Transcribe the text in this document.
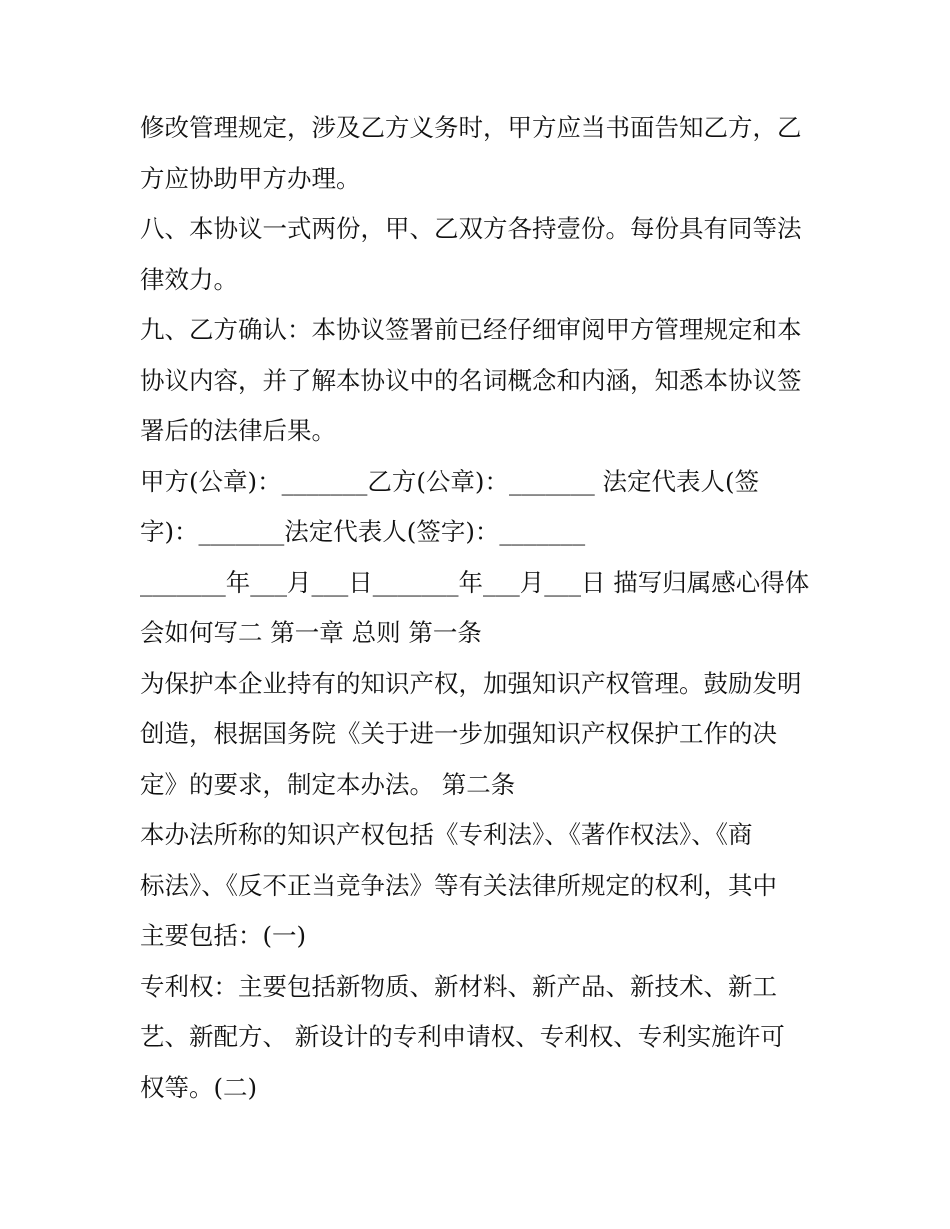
修改管理规定，涉及乙方义务时，甲方应当书面告知乙方，乙
方应协助甲方办理。
八、本协议一式两份，甲、乙双方各持壹份。每份具有同等法
律效力。
九、乙方确认：本协议签署前已经仔细审阅甲方管理规定和本
协议内容，并了解本协议中的名词概念和内涵，知悉本协议签
署后的法律后果。
甲方(公章)：_______乙方(公章)：_______ 法定代表人(签
字)：_______法定代表人(签字)：_______
_______年___月___日_______年___月___日 描写归属感心得体
会如何写二 第一章 总则 第一条
为保护本企业持有的知识产权，加强知识产权管理。鼓励发明
创造，根据国务院《关于进一步加强知识产权保护工作的决
定》的要求，制定本办法。 第二条
本办法所称的知识产权包括《专利法》、《著作权法》、《商
标法》、《反不正当竞争法》等有关法律所规定的权利，其中
主要包括：(一)
专利权：主要包括新物质、新材料、新产品、新技术、新工
艺、新配方、 新设计的专利申请权、专利权、专利实施许可
权等。(二)
